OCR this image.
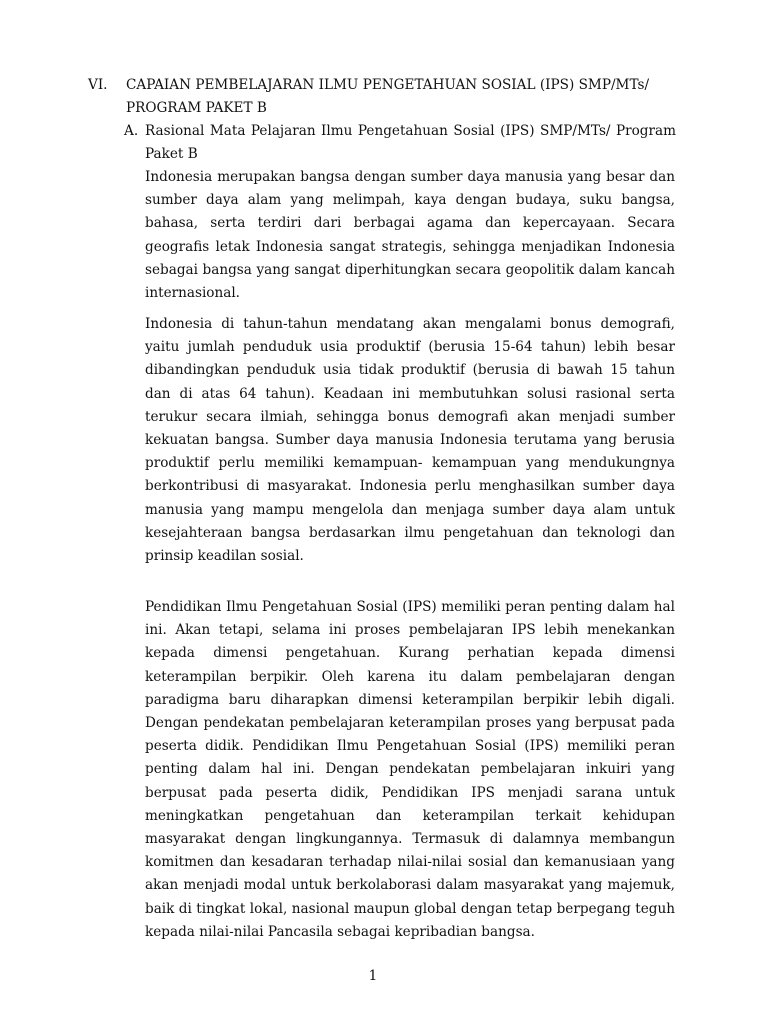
VI. CAPAIAN PEMBELAJARAN ILMU PENGETAHUAN SOSIAL (IPS) SMP/MTs/
PROGRAM PAKET B
A. Rasional Mata Pelajaran Ilmu Pengetahuan Sosial (IPS) SMP/MTs/ Program Paket B

Indonesia merupakan bangsa dengan sumber daya manusia yang besar dan sumber daya alam yang melimpah, kaya dengan budaya, suku bangsa, bahasa, serta terdiri dari berbagai agama dan kepercayaan. Secara geografis letak Indonesia sangat strategis, sehingga menjadikan Indonesia sebagai bangsa yang sangat diperhitungkan secara geopolitik dalam kancah internasional.

Indonesia di tahun-tahun mendatang akan mengalami bonus demografi, yaitu jumlah penduduk usia produktif (berusia 15-64 tahun) lebih besar dibandingkan penduduk usia tidak produktif (berusia di bawah 15 tahun dan di atas 64 tahun). Keadaan ini membutuhkan solusi rasional serta terukur secara ilmiah, sehingga bonus demografi akan menjadi sumber kekuatan bangsa. Sumber daya manusia Indonesia terutama yang berusia produktif perlu memiliki kemampuan- kemampuan yang mendukungnya berkontribusi di masyarakat. Indonesia perlu menghasilkan sumber daya manusia yang mampu mengelola dan menjaga sumber daya alam untuk kesejahteraan bangsa berdasarkan ilmu pengetahuan dan teknologi dan prinsip keadilan sosial.

Pendidikan Ilmu Pengetahuan Sosial (IPS) memiliki peran penting dalam hal ini. Akan tetapi, selama ini proses pembelajaran IPS lebih menekankan kepada dimensi pengetahuan. Kurang perhatian kepada dimensi keterampilan berpikir. Oleh karena itu dalam pembelajaran dengan paradigma baru diharapkan dimensi keterampilan berpikir lebih digali. Dengan pendekatan pembelajaran keterampilan proses yang berpusat pada peserta didik. Pendidikan Ilmu Pengetahuan Sosial (IPS) memiliki peran penting dalam hal ini. Dengan pendekatan pembelajaran inkuiri yang berpusat pada peserta didik, Pendidikan IPS menjadi sarana untuk meningkatkan pengetahuan dan keterampilan terkait kehidupan masyarakat dengan lingkungannya. Termasuk di dalamnya membangun komitmen dan kesadaran terhadap nilai-nilai sosial dan kemanusiaan yang akan menjadi modal untuk berkolaborasi dalam masyarakat yang majemuk, baik di tingkat lokal, nasional maupun global dengan tetap berpegang teguh kepada nilai-nilai Pancasila sebagai kepribadian bangsa.

1
